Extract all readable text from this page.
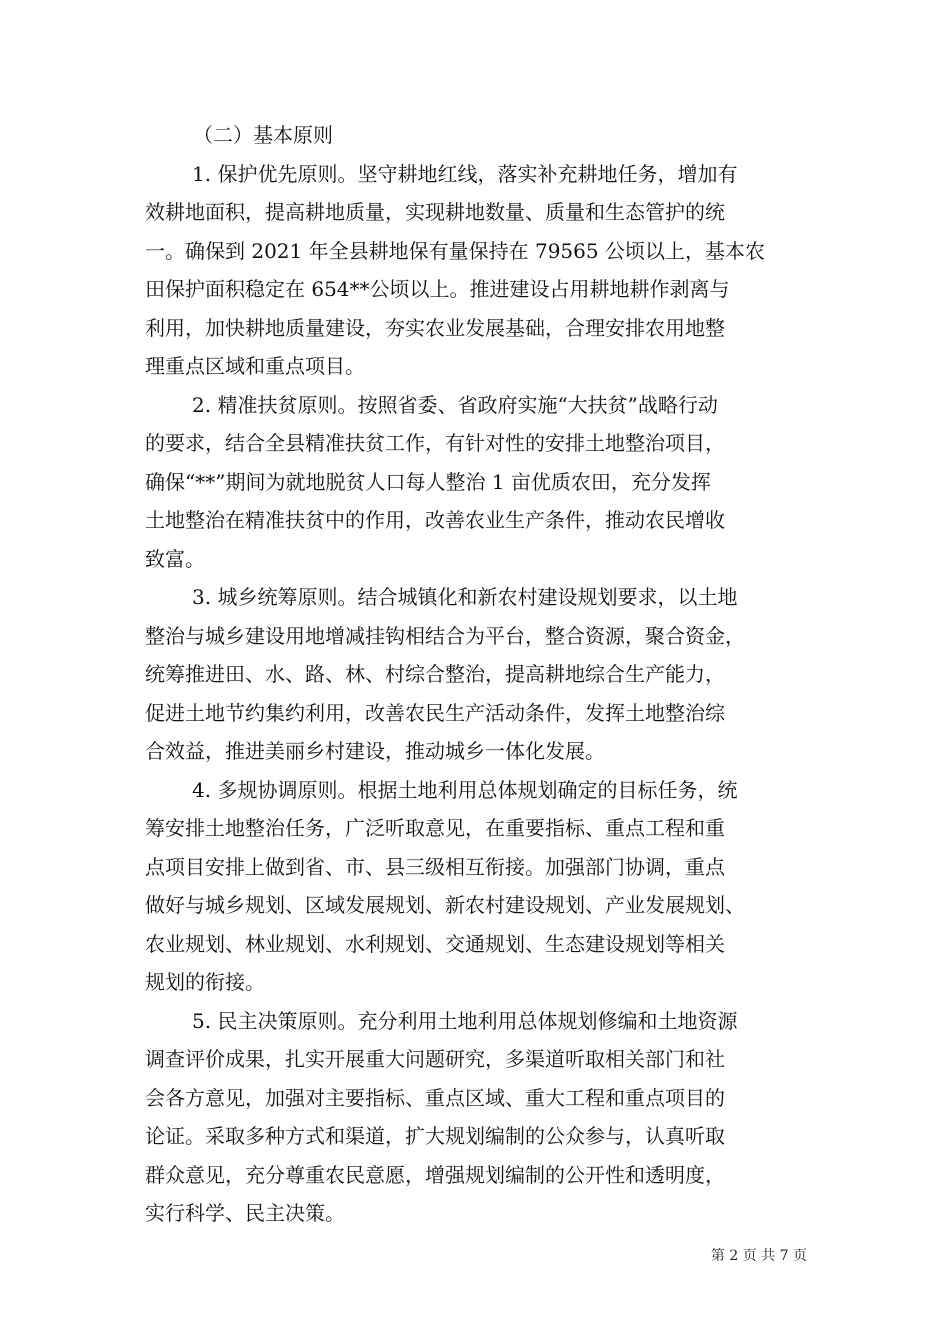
（二）基本原则

1. 保护优先原则。坚守耕地红线，落实补充耕地任务，增加有
效耕地面积，提高耕地质量，实现耕地数量、质量和生态管护的统
一。确保到 2021 年全县耕地保有量保持在 79565 公顷以上，基本农
田保护面积稳定在 654**公顷以上。推进建设占用耕地耕作剥离与
利用，加快耕地质量建设，夯实农业发展基础，合理安排农用地整
理重点区域和重点项目。
2. 精准扶贫原则。按照省委、省政府实施“大扶贫”战略行动
的要求，结合全县精准扶贫工作，有针对性的安排土地整治项目，
确保“**”期间为就地脱贫人口每人整治 1 亩优质农田，充分发挥
土地整治在精准扶贫中的作用，改善农业生产条件，推动农民增收
致富。
3. 城乡统筹原则。结合城镇化和新农村建设规划要求，以土地
整治与城乡建设用地增减挂钩相结合为平台，整合资源，聚合资金，
统筹推进田、水、路、林、村综合整治，提高耕地综合生产能力，
促进土地节约集约利用，改善农民生产活动条件，发挥土地整治综
合效益，推进美丽乡村建设，推动城乡一体化发展。
4. 多规协调原则。根据土地利用总体规划确定的目标任务，统
筹安排土地整治任务，广泛听取意见，在重要指标、重点工程和重
点项目安排上做到省、市、县三级相互衔接。加强部门协调，重点
做好与城乡规划、区域发展规划、新农村建设规划、产业发展规划、
农业规划、林业规划、水利规划、交通规划、生态建设规划等相关
规划的衔接。
5. 民主决策原则。充分利用土地利用总体规划修编和土地资源
调查评价成果，扎实开展重大问题研究，多渠道听取相关部门和社
会各方意见，加强对主要指标、重点区域、重大工程和重点项目的
论证。采取多种方式和渠道，扩大规划编制的公众参与，认真听取
群众意见，充分尊重农民意愿，增强规划编制的公开性和透明度，
实行科学、民主决策。
第 2 页 共 7 页
